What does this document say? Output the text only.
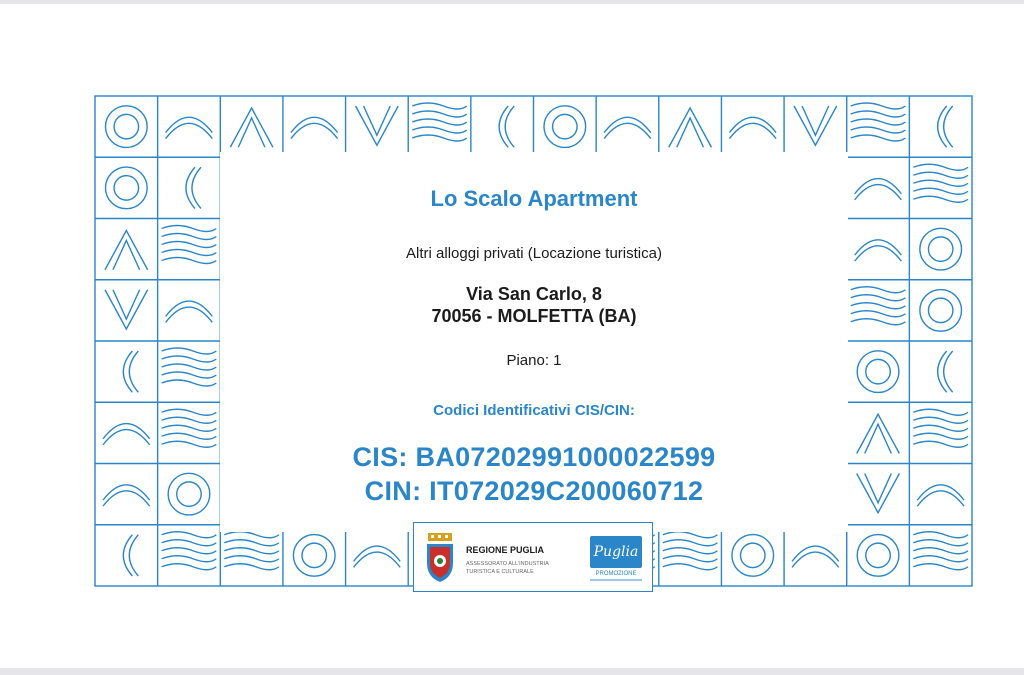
Lo Scalo Apartment
Altri alloggi privati (Locazione turistica)
Via San Carlo, 8
70056 - MOLFETTA (BA)
Piano: 1
Codici Identificativi CIS/CIN:
CIS: BA07202991000022599
CIN: IT072029C200060712
REGIONE PUGLIA
ASSESSORATO ALL'INDUSTRIA
TURISTICA E CULTURALE
Puglia
PROMOZIONE
